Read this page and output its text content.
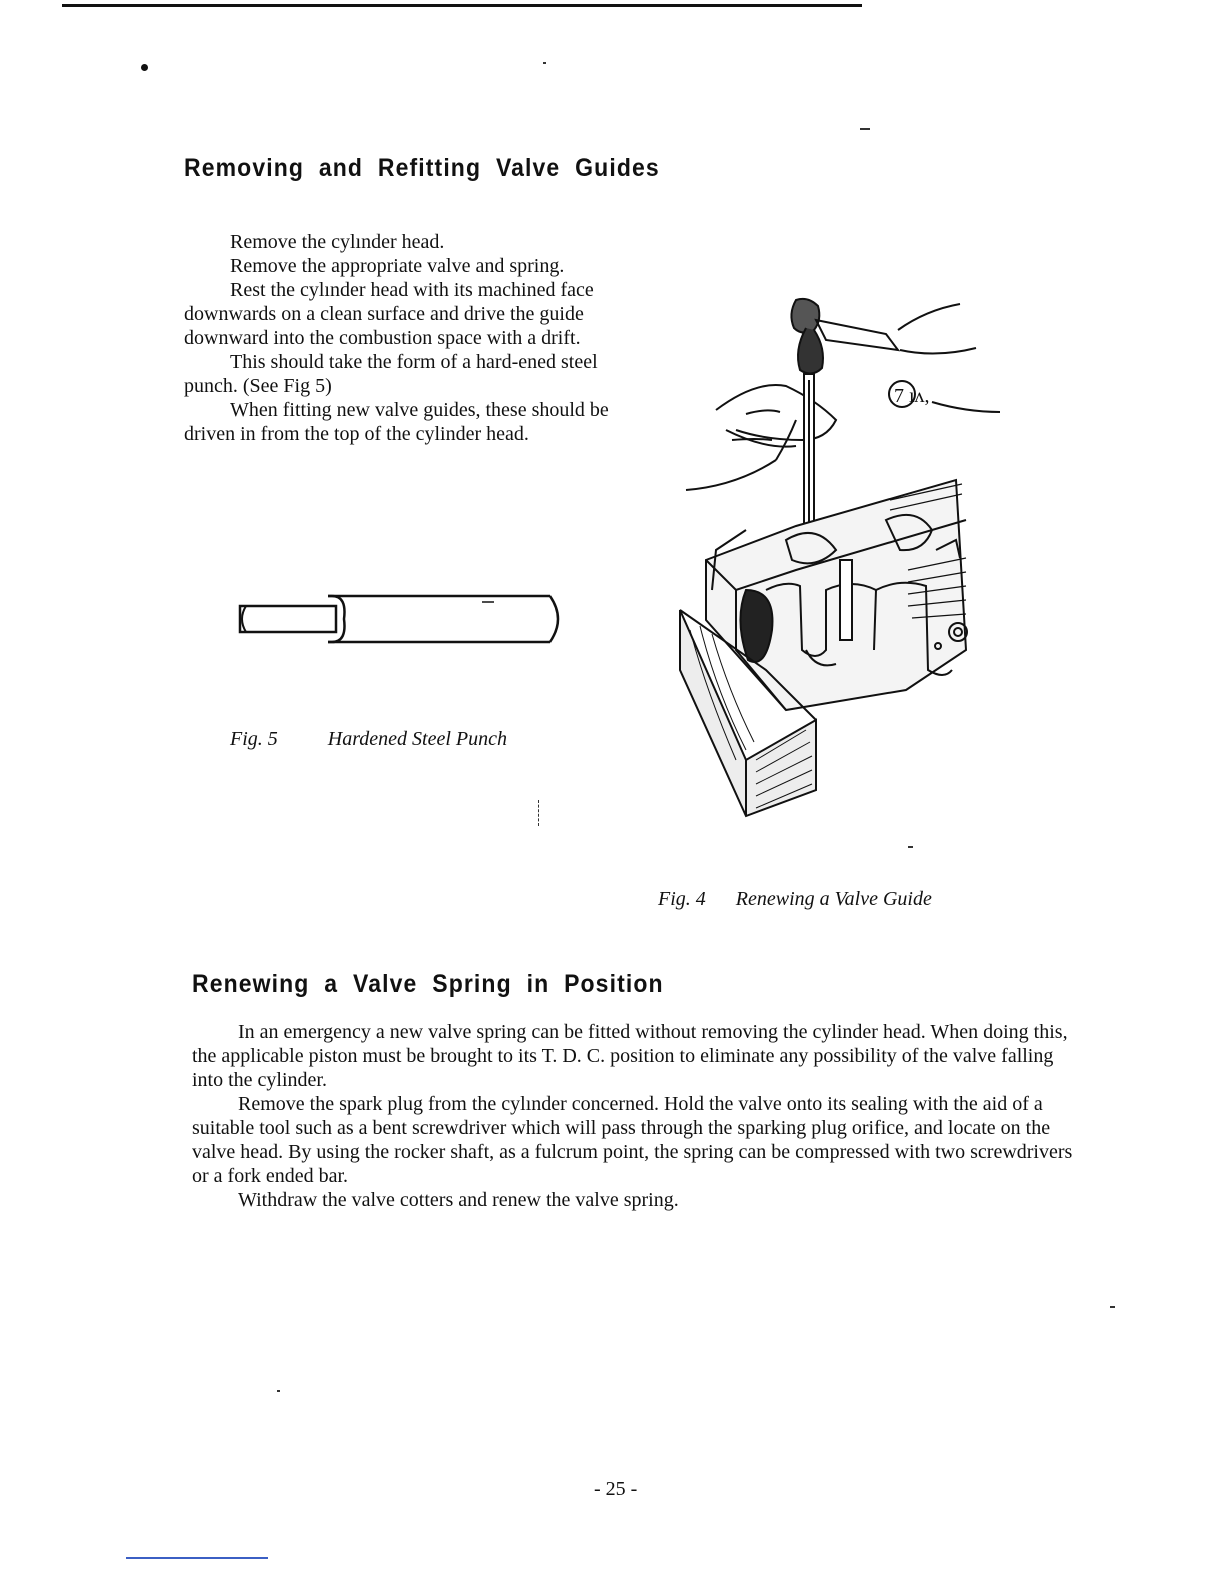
Removing and Refitting Valve Guides

Remove the cylınder head.

Remove the appropriate valve and spring.

Rest the cylınder head with its machined face downwards on a clean surface and drive the guide downward into the combustion space with a drift.

This should take the form of a hard-ened steel punch. (See Fig 5)

When fitting new valve guides, these should be driven in from the top of the cylinder head.

Fig. 5	Hardened Steel Punch
7 ıʌ,
Fig. 4 Renewing a Valve Guide
Renewing a Valve Spring in Position

In an emergency a new valve spring can be fitted without removing the cylinder head. When doing this, the applicable piston must be brought to its T. D. C. position to eliminate any possibility of the valve falling into the cylinder.

Remove the spark plug from the cylınder concerned. Hold the valve onto its sealing with the aid of a suitable tool such as a bent screwdriver which will pass through the sparking plug orifice, and locate on the valve head. By using the rocker shaft, as a fulcrum point, the spring can be compressed with two screwdrivers or a fork ended bar.

Withdraw the valve cotters and renew the valve spring.

- 25 -
